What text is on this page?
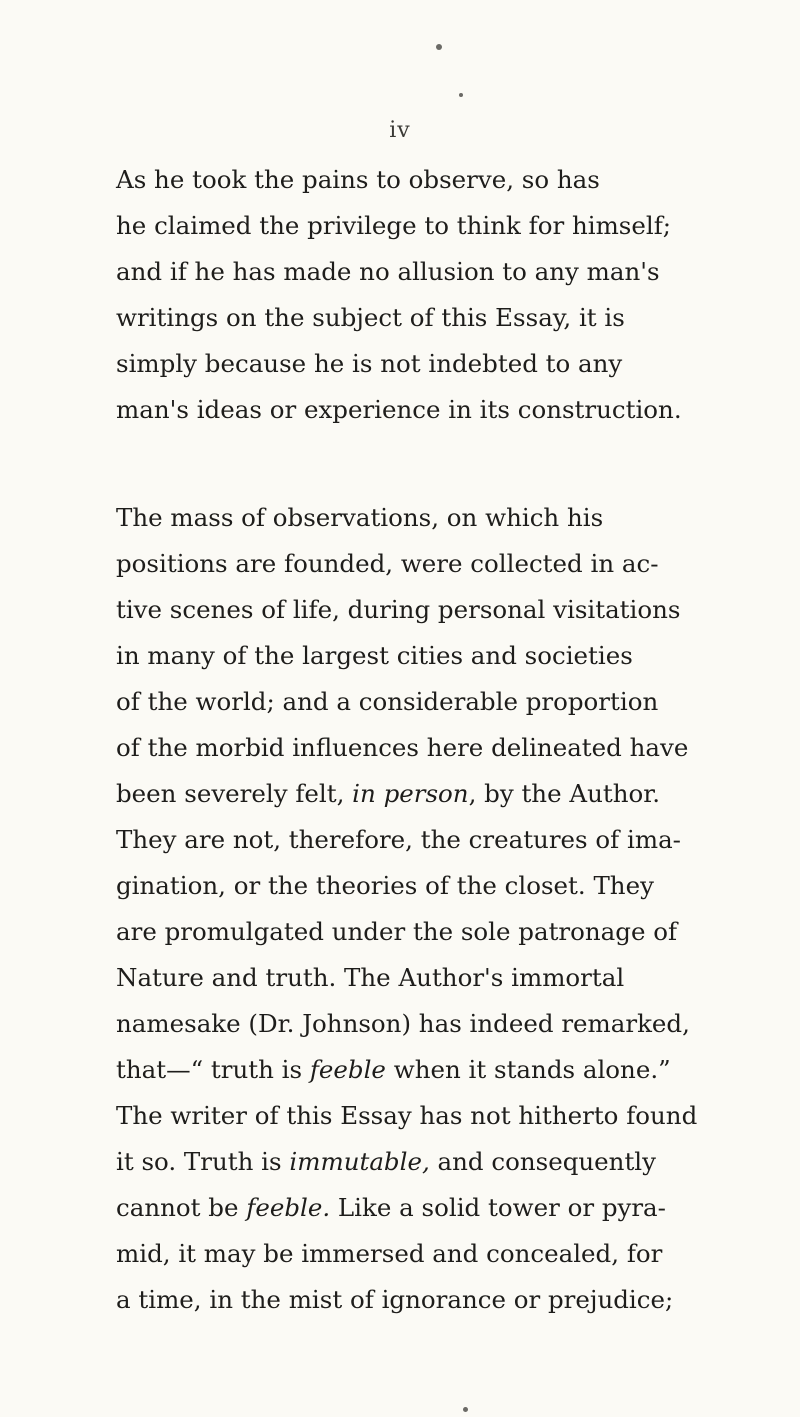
iv
As he took the pains to observe, so has
he claimed the privilege to think for himself;
and if he has made no allusion to any man's
writings on the subject of this Essay, it is
simply because he is not indebted to any
man's ideas or experience in its construction.
The mass of observations, on which his
positions are founded, were collected in ac-
tive scenes of life, during personal visitations
in many of the largest cities and societies
of the world; and a considerable proportion
of the morbid influences here delineated have
been severely felt, in person, by the Author.
They are not, therefore, the creatures of ima-
gination, or the theories of the closet. They
are promulgated under the sole patronage of
Nature and truth. The Author's immortal
namesake (Dr. Johnson) has indeed remarked,
that—“ truth is feeble when it stands alone.”
The writer of this Essay has not hitherto found
it so. Truth is immutable, and consequently
cannot be feeble. Like a solid tower or pyra-
mid, it may be immersed and concealed, for
a time, in the mist of ignorance or prejudice;
